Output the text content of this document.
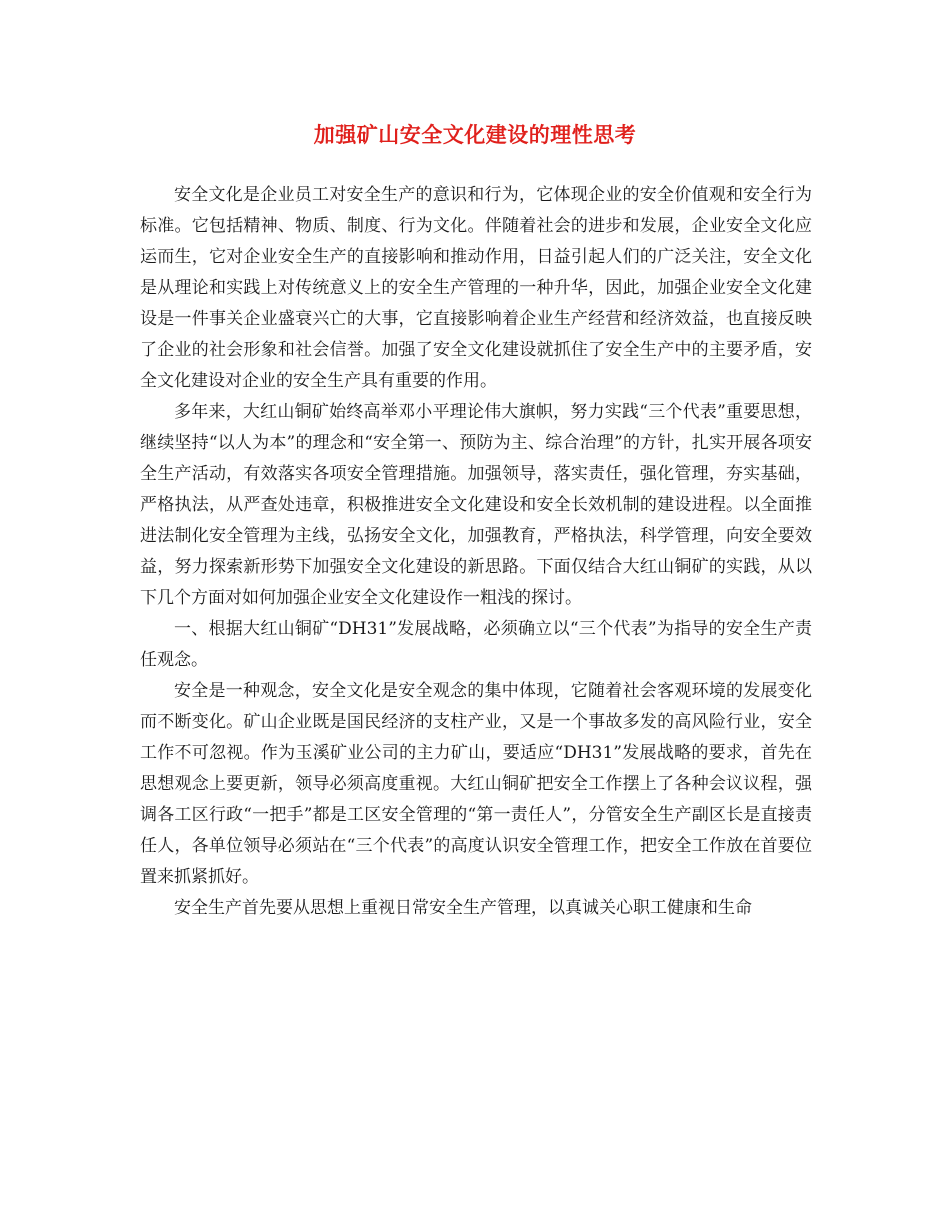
加强矿山安全文化建设的理性思考

安全文化是企业员工对安全生产的意识和行为，它体现企业的安全价值观和安全行为标准。它包括精神、物质、制度、行为文化。伴随着社会的进步和发展，企业安全文化应运而生，它对企业安全生产的直接影响和推动作用，日益引起人们的广泛关注，安全文化是从理论和实践上对传统意义上的安全生产管理的一种升华，因此，加强企业安全文化建设是一件事关企业盛衰兴亡的大事，它直接影响着企业生产经营和经济效益，也直接反映了企业的社会形象和社会信誉。加强了安全文化建设就抓住了安全生产中的主要矛盾，安全文化建设对企业的安全生产具有重要的作用。

多年来，大红山铜矿始终高举邓小平理论伟大旗帜，努力实践“三个代表”重要思想，继续坚持“以人为本”的理念和“安全第一、预防为主、综合治理”的方针，扎实开展各项安全生产活动，有效落实各项安全管理措施。加强领导，落实责任，强化管理，夯实基础，严格执法，从严查处违章，积极推进安全文化建设和安全长效机制的建设进程。以全面推进法制化安全管理为主线，弘扬安全文化，加强教育，严格执法，科学管理，向安全要效益，努力探索新形势下加强安全文化建设的新思路。下面仅结合大红山铜矿的实践，从以下几个方面对如何加强企业安全文化建设作一粗浅的探讨。

一、根据大红山铜矿“DH31”发展战略，必须确立以“三个代表”为指导的安全生产责任观念。

安全是一种观念，安全文化是安全观念的集中体现，它随着社会客观环境的发展变化而不断变化。矿山企业既是国民经济的支柱产业，又是一个事故多发的高风险行业，安全工作不可忽视。作为玉溪矿业公司的主力矿山，要适应“DH31”发展战略的要求，首先在思想观念上要更新，领导必须高度重视。大红山铜矿把安全工作摆上了各种会议议程，强调各工区行政“一把手”都是工区安全管理的“第一责任人”，分管安全生产副区长是直接责任人，各单位领导必须站在“三个代表”的高度认识安全管理工作，把安全工作放在首要位置来抓紧抓好。

安全生产首先要从思想上重视日常安全生产管理，以真诚关心职工健康和生命
